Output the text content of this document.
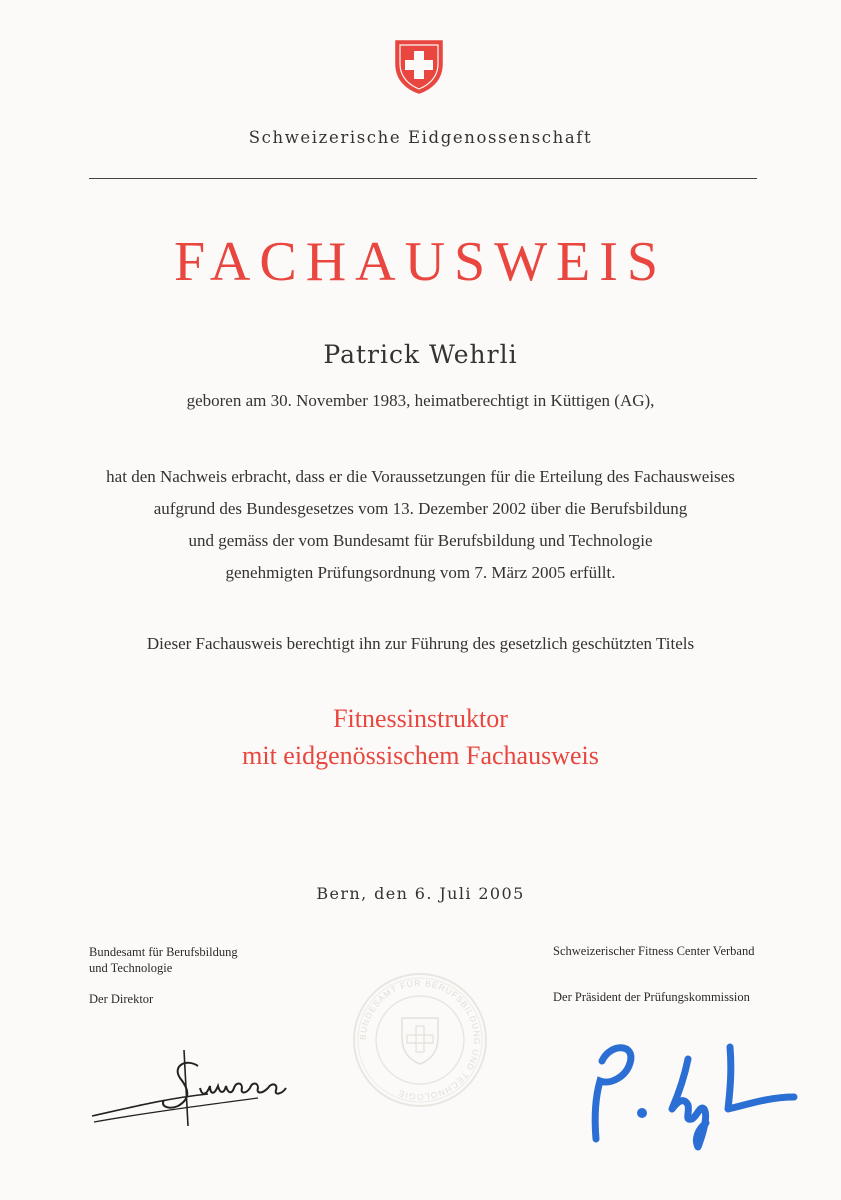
Schweizerische Eidgenossenschaft
FACHAUSWEIS
Patrick Wehrli
geboren am 30. November 1983, heimatberechtigt in Küttigen (AG),
hat den Nachweis erbracht, dass er die Voraussetzungen für die Erteilung des Fachausweises
aufgrund des Bundesgesetzes vom 13. Dezember 2002 über die Berufsbildung
und gemäss der vom Bundesamt für Berufsbildung und Technologie
genehmigten Prüfungsordnung vom 7. März 2005 erfüllt.
Dieser Fachausweis berechtigt ihn zur Führung des gesetzlich geschützten Titels
Fitnessinstruktor
mit eidgenössischem Fachausweis
Bern, den 6. Juli 2005
Bundesamt für Berufsbildung
und Technologie
Der Direktor
Schweizerischer Fitness Center Verband
Der Präsident der Prüfungskommission
BUNDESAMT FÜR BERUFSBILDUNG UND TECHNOLOGIE
